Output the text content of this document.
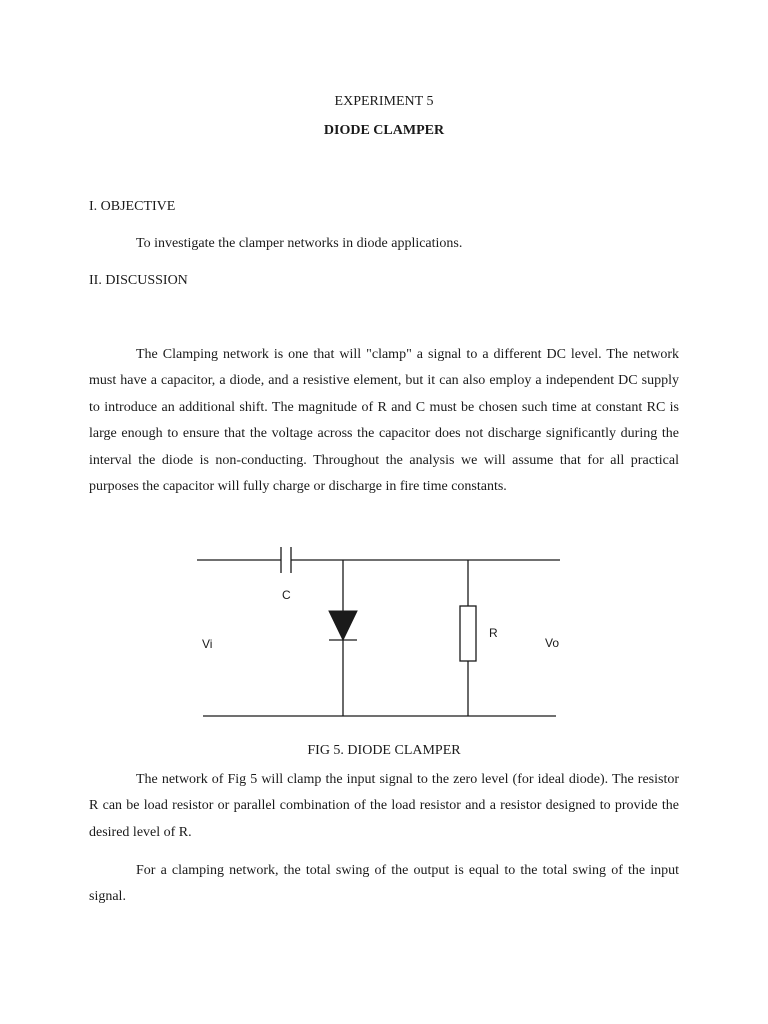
EXPERIMENT 5
DIODE CLAMPER
I. OBJECTIVE
To investigate the clamper networks in diode applications.
II. DISCUSSION
The Clamping network is one that will "clamp" a signal to a different DC level. The network must have a capacitor, a diode, and a resistive element, but it can also employ a independent DC supply to introduce an additional shift. The magnitude of R and C must be chosen such time at constant RC is large enough to ensure that the voltage across the capacitor does not discharge significantly during the interval the diode is non-conducting. Throughout the analysis we will assume that for all practical purposes the capacitor will fully charge or discharge in fire time constants.
C
R
Vi	Vo
FIG 5. DIODE CLAMPER
The network of Fig 5 will clamp the input signal to the zero level (for ideal diode). The resistor R can be load resistor or parallel combination of the load resistor and a resistor designed to provide the desired level of R.
For a clamping network, the total swing of the output is equal to the total swing of the input signal.
